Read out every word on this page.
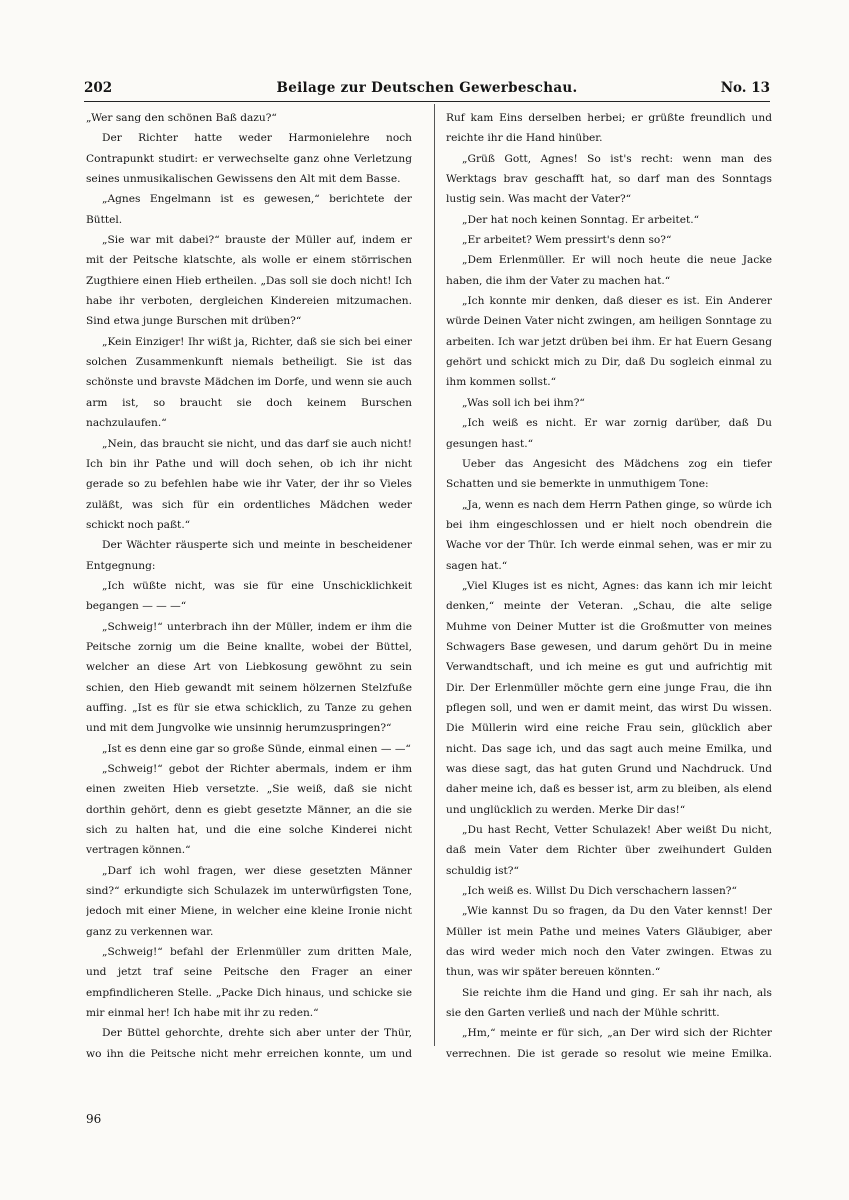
202	Beilage zur Deutschen Gewerbeschau.	No. 13

„Wer sang den schönen Baß dazu?“

Der Richter hatte weder Harmonielehre noch Contrapunkt studirt: er verwechselte ganz ohne Verletzung seines unmusikalischen Gewissens den Alt mit dem Basse.

„Agnes Engelmann ist es gewesen,“ berichtete der Büttel.

„Sie war mit dabei?“ brauste der Müller auf, indem er mit der Peitsche klatschte, als wolle er einem störrischen Zugthiere einen Hieb ertheilen. „Das soll sie doch nicht! Ich habe ihr verboten, dergleichen Kindereien mitzumachen. Sind etwa junge Burschen mit drüben?“

„Kein Einziger! Ihr wißt ja, Richter, daß sie sich bei einer solchen Zusammenkunft niemals betheiligt. Sie ist das schönste und bravste Mädchen im Dorfe, und wenn sie auch arm ist, so braucht sie doch keinem Burschen nachzulaufen.“

„Nein, das braucht sie nicht, und das darf sie auch nicht! Ich bin ihr Pathe und will doch sehen, ob ich ihr nicht gerade so zu befehlen habe wie ihr Vater, der ihr so Vieles zuläßt, was sich für ein ordentliches Mädchen weder schickt noch paßt.“

Der Wächter räusperte sich und meinte in bescheidener Entgegnung:

„Ich wüßte nicht, was sie für eine Unschicklichkeit begangen — — —“

„Schweig!“ unterbrach ihn der Müller, indem er ihm die Peitsche zornig um die Beine knallte, wobei der Büttel, welcher an diese Art von Liebkosung gewöhnt zu sein schien, den Hieb gewandt mit seinem hölzernen Stelzfuße auffing. „Ist es für sie etwa schicklich, zu Tanze zu gehen und mit dem Jungvolke wie unsinnig herumzuspringen?“

„Ist es denn eine gar so große Sünde, einmal einen — —“

„Schweig!“ gebot der Richter abermals, indem er ihm einen zweiten Hieb versetzte. „Sie weiß, daß sie nicht dorthin gehört, denn es giebt gesetzte Männer, an die sie sich zu halten hat, und die eine solche Kinderei nicht vertragen können.“

„Darf ich wohl fragen, wer diese gesetzten Männer sind?“ erkundigte sich Schulazek im unterwürfigsten Tone, jedoch mit einer Miene, in welcher eine kleine Ironie nicht ganz zu verkennen war.

„Schweig!“ befahl der Erlenmüller zum dritten Male, und jetzt traf seine Peitsche den Frager an einer empfindlicheren Stelle. „Packe Dich hinaus, und schicke sie mir einmal her! Ich habe mit ihr zu reden.“

Der Büttel gehorchte, drehte sich aber unter der Thür, wo ihn die Peitsche nicht mehr erreichen konnte, um und

Ruf kam Eins derselben herbei; er grüßte freundlich und reichte ihr die Hand hinüber.

„Grüß Gott, Agnes! So ist's recht: wenn man des Werktags brav geschafft hat, so darf man des Sonntags lustig sein. Was macht der Vater?“

„Der hat noch keinen Sonntag. Er arbeitet.“

„Er arbeitet? Wem pressirt's denn so?“

„Dem Erlenmüller. Er will noch heute die neue Jacke haben, die ihm der Vater zu machen hat.“

„Ich konnte mir denken, daß dieser es ist. Ein Anderer würde Deinen Vater nicht zwingen, am heiligen Sonntage zu arbeiten. Ich war jetzt drüben bei ihm. Er hat Euern Gesang gehört und schickt mich zu Dir, daß Du sogleich einmal zu ihm kommen sollst.“

„Was soll ich bei ihm?“

„Ich weiß es nicht. Er war zornig darüber, daß Du gesungen hast.“

Ueber das Angesicht des Mädchens zog ein tiefer Schatten und sie bemerkte in unmuthigem Tone:

„Ja, wenn es nach dem Herrn Pathen ginge, so würde ich bei ihm eingeschlossen und er hielt noch obendrein die Wache vor der Thür. Ich werde einmal sehen, was er mir zu sagen hat.“

„Viel Kluges ist es nicht, Agnes: das kann ich mir leicht denken,“ meinte der Veteran. „Schau, die alte selige Muhme von Deiner Mutter ist die Großmutter von meines Schwagers Base gewesen, und darum gehört Du in meine Verwandtschaft, und ich meine es gut und aufrichtig mit Dir. Der Erlenmüller möchte gern eine junge Frau, die ihn pflegen soll, und wen er damit meint, das wirst Du wissen. Die Müllerin wird eine reiche Frau sein, glücklich aber nicht. Das sage ich, und das sagt auch meine Emilka, und was diese sagt, das hat guten Grund und Nachdruck. Und daher meine ich, daß es besser ist, arm zu bleiben, als elend und unglücklich zu werden. Merke Dir das!“

„Du hast Recht, Vetter Schulazek! Aber weißt Du nicht, daß mein Vater dem Richter über zweihundert Gulden schuldig ist?“

„Ich weiß es. Willst Du Dich verschachern lassen?“

„Wie kannst Du so fragen, da Du den Vater kennst! Der Müller ist mein Pathe und meines Vaters Gläubiger, aber das wird weder mich noch den Vater zwingen. Etwas zu thun, was wir später bereuen könnten.“

Sie reichte ihm die Hand und ging. Er sah ihr nach, als sie den Garten verließ und nach der Mühle schritt.

„Hm,“ meinte er für sich, „an Der wird sich der Richter verrechnen. Die ist gerade so resolut wie meine Emilka.

96
